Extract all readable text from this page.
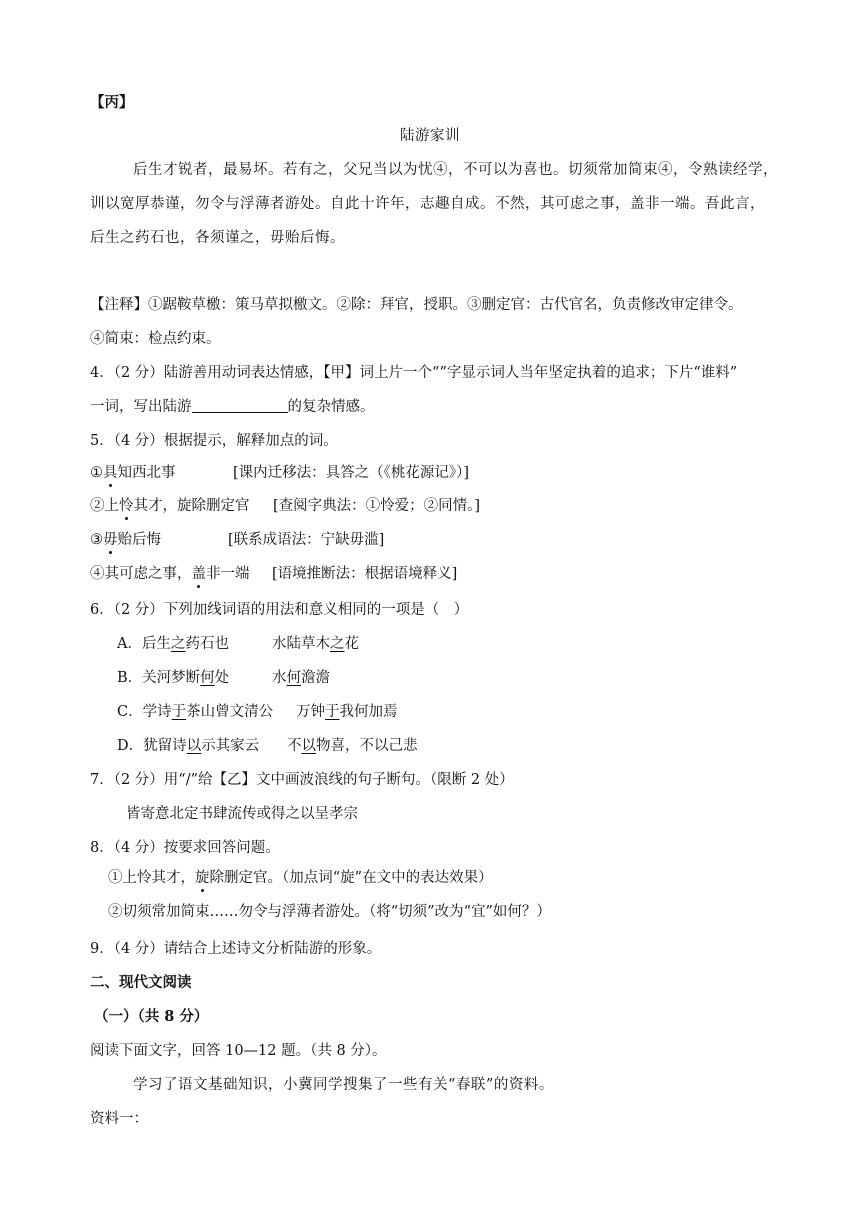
【丙】
陆游家训
后生才锐者，最易坏。若有之，父兄当以为忧④，不可以为喜也。切须常加简束④，令熟读经学，
训以宽厚恭谨，勿令与浮薄者游处。自此十许年，志趣自成。不然，其可虑之事，盖非一端。吾此言，
后生之药石也，各须谨之，毋贻后悔。
【注释】①踞鞍草檄：策马草拟檄文。②除：拜官，授职。③删定官：古代官名，负责修改审定律令。
④简束：检点约束。
4．（2 分）陆游善用动词表达情感，【甲】词上片一个“”字显示词人当年坚定执着的追求；下片“谁料”
一词，写出陆游	的复杂情感。
5．（4 分）根据提示，解释加点的词。
①具知西北事	[课内迁移法：具答之（《桃花源记》）]
②上怜其才，旋除删定官 [查阅字典法：①怜爱；②同情。]
③毋贻后悔	[联系成语法：宁缺毋滥]
④其可虑之事，盖非一端 [语境推断法：根据语境释义]
6．（2 分）下列加线词语的用法和意义相同的一项是（　）
A．后生之药石也	水陆草木之花
B．关河梦断何处	水何澹澹
C．学诗于茶山曾文清公 万钟于我何加焉
D．犹留诗以示其家云 不以物喜，不以己悲
7．（2 分）用“/”给【乙】文中画波浪线的句子断句。（限断 2 处）
皆寄意北定书肆流传或得之以呈孝宗
8．（4 分）按要求回答问题。
①上怜其才，旋除删定官。（加点词“旋”在文中的表达效果）
②切须常加简束……勿令与浮薄者游处。（将“切须”改为“宜”如何？）
9．（4 分）请结合上述诗文分析陆游的形象。
二、现代文阅读
（一）（共 8 分）
阅读下面文字，回答 10—12 题。（共 8 分）。
学习了语文基础知识，小冀同学搜集了一些有关“春联”的资料。
资料一：
